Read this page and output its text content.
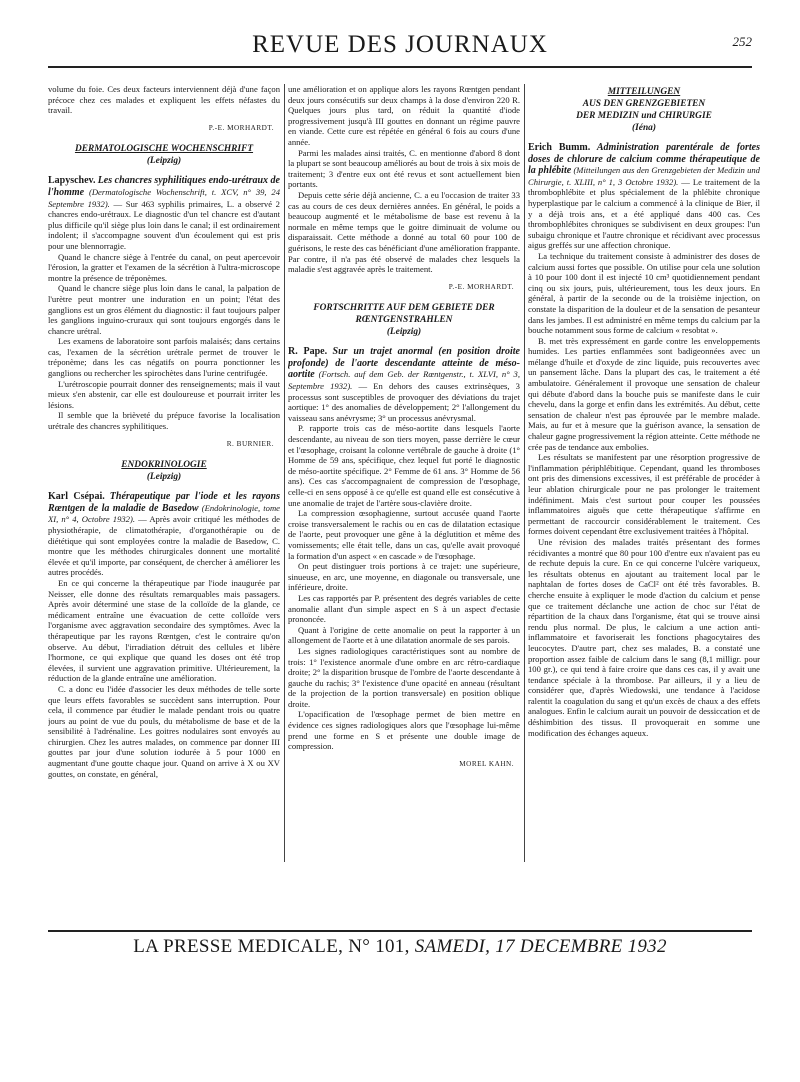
REVUE DES JOURNAUX	252

volume du foie. Ces deux facteurs interviennent déjà d'une façon précoce chez ces malades et expliquent les effets néfastes du travail.

P.-E. MORHARDT.
DERMATOLOGISCHE WOCHENSCHRIFT
(Leipzig)

Lapyschev. Les chancres syphilitiques endo-urétraux de l'homme (Dermatologische Wochenschrift, t. XCV, n° 39, 24 Septembre 1932). — Sur 463 syphilis primaires, L. a observé 2 chancres endo-urétraux. Le diagnostic d'un tel chancre est d'autant plus difficile qu'il siège plus loin dans le canal; il est ordinairement indolent; il s'accompagne souvent d'un écoulement qui est pris pour une blennorragie.

Quand le chancre siège à l'entrée du canal, on peut apercevoir l'érosion, la gratter et l'examen de la sécrétion à l'ultra-microscope montre la présence de tréponèmes.

Quand le chancre siège plus loin dans le canal, la palpation de l'urètre peut montrer une induration en un point; l'état des ganglions est un gros élément du diagnostic: il faut toujours palper les ganglions inguino-cruraux qui sont toujours engorgés dans le chancre urétral.

Les examens de laboratoire sont parfois malaisés; dans certains cas, l'examen de la sécrétion urétrale permet de trouver le tréponème; dans les cas négatifs on pourra ponctionner les ganglions ou rechercher les spirochètes dans l'urine centrifugée.

L'urétroscopie pourrait donner des renseignements; mais il vaut mieux s'en abstenir, car elle est douloureuse et pourrait irriter les lésions.

Il semble que la brièveté du prépuce favorise la localisation urétrale des chancres syphilitiques.

R. BURNIER.
ENDOKRINOLOGIE
(Leipzig)

Karl Csépai. Thérapeutique par l'iode et les rayons Rœntgen de la maladie de Basedow (Endokrinologie, tome XI, n° 4, Octobre 1932). — Après avoir critiqué les méthodes de physiothérapie, de climatothérapie, d'organothérapie ou de diététique qui sont employées contre la maladie de Basedow, C. montre que les méthodes chirurgicales donnent une mortalité élevée et qu'il importe, par conséquent, de chercher à améliorer les autres procédés.

En ce qui concerne la thérapeutique par l'iode inaugurée par Neisser, elle donne des résultats remarquables mais passagers. Après avoir déterminé une stase de la colloïde de la glande, ce médicament entraîne une évacuation de cette colloïde vers l'organisme avec aggravation secondaire des symptômes. Avec la thérapeutique par les rayons Rœntgen, c'est le contraire qu'on observe. Au début, l'irradiation détruit des cellules et libère l'hormone, ce qui explique que quand les doses ont été trop élevées, il survient une aggravation primitive. Ultérieurement, la réduction de la glande entraîne une amélioration.

C. a donc eu l'idée d'associer les deux méthodes de telle sorte que leurs effets favorables se succèdent sans interruption. Pour cela, il commence par étudier le malade pendant trois ou quatre jours au point de vue du pouls, du métabolisme de base et de la sensibilité à l'adrénaline. Les goitres nodulaires sont envoyés au chirurgien. Chez les autres malades, on commence par donner III gouttes par jour d'une solution iodurée à 5 pour 1000 en augmentant d'une goutte chaque jour. Quand on arrive à X ou XV gouttes, on constate, en général,

une amélioration et on applique alors les rayons Rœntgen pendant deux jours consécutifs sur deux champs à la dose d'environ 220 R. Quelques jours plus tard, on réduit la quantité d'iode progressivement jusqu'à III gouttes en donnant un régime pauvre en viande. Cette cure est répétée en général 6 fois au cours d'une année.

Parmi les malades ainsi traités, C. en mentionne d'abord 8 dont la plupart se sont beaucoup améliorés au bout de trois à six mois de traitement; 3 d'entre eux ont été revus et sont actuellement bien portants.

Depuis cette série déjà ancienne, C. a eu l'occasion de traiter 33 cas au cours de ces deux dernières années. En général, le poids a beaucoup augmenté et le métabolisme de base est revenu à la normale en même temps que le goitre diminuait de volume ou disparaissait. Cette méthode a donné au total 60 pour 100 de guérisons, le reste des cas bénéficiant d'une amélioration frappante. Par contre, il n'a pas été observé de malades chez lesquels la maladie s'est aggravée après le traitement.

P.-E. MORHARDT.
FORTSCHRITTE AUF DEM GEBIETE DER RŒNTGENSTRAHLEN
(Leipzig)

R. Pape. Sur un trajet anormal (en position droite profonde) de l'aorte descendante atteinte de méso-aortite (Fortsch. auf dem Geb. der Rœntgenstr., t. XLVI, n° 3, Septembre 1932). — En dehors des causes extrinsèques, 3 processus sont susceptibles de provoquer des déviations du trajet aortique: 1° des anomalies de développement; 2° l'allongement du vaisseau sans anévrysme; 3° un processus anévrysmal.

P. rapporte trois cas de méso-aortite dans lesquels l'aorte descendante, au niveau de son tiers moyen, passe derrière le cœur et l'œsophage, croisant la colonne vertébrale de gauche à droite (1° Homme de 59 ans, spécifique, chez lequel fut porté le diagnostic de méso-aortite spécifique. 2° Femme de 61 ans. 3° Homme de 56 ans). Ces cas s'accompagnaient de compression de l'œsophage, celle-ci en sens opposé à ce qu'elle est quand elle est consécutive à une anomalie de trajet de l'artère sous-clavière droite.

La compression œsophagienne, surtout accusée quand l'aorte croise transversalement le rachis ou en cas de dilatation ectasique de l'aorte, peut provoquer une gêne à la déglutition et même des vomissements; elle était telle, dans un cas, qu'elle avait provoqué la formation d'un aspect « en cascade » de l'œsophage.

On peut distinguer trois portions à ce trajet: une supérieure, sinueuse, en arc, une moyenne, en diagonale ou transversale, une inférieure, droite.

Les cas rapportés par P. présentent des degrés variables de cette anomalie allant d'un simple aspect en S à un aspect d'ectasie prononcée.

Quant à l'origine de cette anomalie on peut la rapporter à un allongement de l'aorte et à une dilatation anormale de ses parois.

Les signes radiologiques caractéristiques sont au nombre de trois: 1° l'existence anormale d'une ombre en arc rétro-cardiaque droite; 2° la disparition brusque de l'ombre de l'aorte descendante à gauche du rachis; 3° l'existence d'une opacité en anneau (résultant de la projection de la portion transversale) en position oblique droite.

L'opacification de l'œsophage permet de bien mettre en évidence ces signes radiologiques alors que l'œsophage lui-même prend une forme en S et présente une double image de compression.

MOREL KAHN.
MITTEILUNGEN
AUS DEN GRENZGEBIETEN
DER MEDIZIN und CHIRURGIE
(Iéna)

Erich Bumm. Administration parentérale de fortes doses de chlorure de calcium comme thérapeutique de la phlébite (Mitteilungen aus den Grenzgebieten der Medizin und Chirurgie, t. XLIII, n° 1, 3 Octobre 1932). — Le traitement de la thrombophlébite et plus spécialement de la phlébite chronique hyperplastique par le calcium a commencé à la clinique de Bier, il y a déjà trois ans, et a été appliqué dans 400 cas. Ces thrombophlébites chroniques se subdivisent en deux groupes: l'un subaigu chronique et l'autre chronique et récidivant avec processus aigus greffés sur une affection chronique.

La technique du traitement consiste à administrer des doses de calcium aussi fortes que possible. On utilise pour cela une solution à 10 pour 100 dont il est injecté 10 cm³ quotidiennement pendant cinq ou six jours, puis, ultérieurement, tous les deux jours. En général, à partir de la seconde ou de la troisième injection, on constate la disparition de la douleur et de la sensation de pesanteur dans les jambes. Il est administré en même temps du calcium par la bouche notamment sous forme de calcium « resobtat ».

B. met très expressément en garde contre les enveloppements humides. Les parties enflammées sont badigeonnées avec un mélange d'huile et d'oxyde de zinc liquide, puis recouvertes avec un pansement lâche. Dans la plupart des cas, le traitement a été ambulatoire. Généralement il provoque une sensation de chaleur qui débute d'abord dans la bouche puis se manifeste dans le cuir chevelu, dans la gorge et enfin dans les extrémités. Au début, cette sensation de chaleur n'est pas éprouvée par le membre malade. Mais, au fur et à mesure que la guérison avance, la sensation de chaleur gagne progressivement la région atteinte. Cette méthode ne crée pas de tendance aux embolies.

Les résultats se manifestent par une résorption progressive de l'inflammation périphlébitique. Cependant, quand les thromboses ont pris des dimensions excessives, il est préférable de procéder à leur ablation chirurgicale pour ne pas prolonger le traitement indéfiniment. Mais c'est surtout pour couper les poussées inflammatoires aiguës que cette thérapeutique s'affirme en permettant de raccourcir considérablement le traitement. Ces formes doivent cependant être exclusivement traitées à l'hôpital.

Une révision des malades traités présentant des formes récidivantes a montré que 80 pour 100 d'entre eux n'avaient pas eu de rechute depuis la cure. En ce qui concerne l'ulcère variqueux, les résultats obtenus en ajoutant au traitement local par le naphtalan de fortes doses de CaCl² ont été très favorables. B. cherche ensuite à expliquer le mode d'action du calcium et pense que ce traitement déclanche une action de choc sur l'état de répartition de la chaux dans l'organisme, état qui se trouve ainsi rendu plus normal. De plus, le calcium a une action anti-inflammatoire et favoriserait les fonctions phagocytaires des leucocytes. D'autre part, chez ses malades, B. a constaté une proportion assez faible de calcium dans le sang (8,1 milligr. pour 100 gr.), ce qui tend à faire croire que dans ces cas, il y avait une tendance spéciale à la thrombose. Par ailleurs, il y a lieu de considérer que, d'après Wiedowski, une tendance à l'acidose ralentit la coagulation du sang et qu'un excès de chaux a des effets analogues. Enfin le calcium aurait un pouvoir de dessiccation et de déshimbition des tissus. Il provoquerait en somme une modification des échanges aqueux.

LA PRESSE MEDICALE, N° 101, SAMEDI, 17 DECEMBRE 1932
